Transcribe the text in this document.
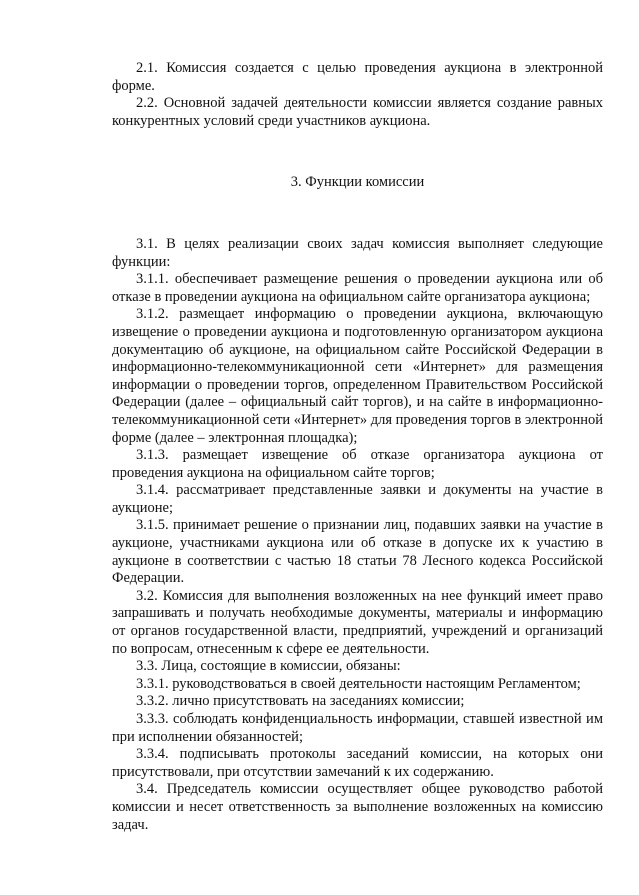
2.1. Комиссия создается с целью проведения аукциона в электронной форме.

2.2. Основной задачей деятельности комиссии является создание равных конкурентных условий среди участников аукциона.

3. Функции комиссии

3.1. В целях реализации своих задач комиссия выполняет следующие функции:

3.1.1. обеспечивает размещение решения о проведении аукциона или об отказе в проведении аукциона на официальном сайте организатора аукциона;

3.1.2. размещает информацию о проведении аукциона, включающую извещение о проведении аукциона и подготовленную организатором аукциона документацию об аукционе, на официальном сайте Российской Федерации в информационно-телекоммуникационной сети «Интернет» для размещения информации о проведении торгов, определенном Правительством Российской Федерации (далее – официальный сайт торгов), и на сайте в информационно-телекоммуникационной сети «Интернет» для проведения торгов в электронной форме (далее – электронная площадка);

3.1.3. размещает извещение об отказе организатора аукциона от проведения аукциона на официальном сайте торгов;

3.1.4. рассматривает представленные заявки и документы на участие в аукционе;

3.1.5. принимает решение о признании лиц, подавших заявки на участие в аукционе, участниками аукциона или об отказе в допуске их к участию в аукционе в соответствии с частью 18 статьи 78 Лесного кодекса Российской Федерации.

3.2. Комиссия для выполнения возложенных на нее функций имеет право запрашивать и получать необходимые документы, материалы и информацию от органов государственной власти, предприятий, учреждений и организаций по вопросам, отнесенным к сфере ее деятельности.

3.3. Лица, состоящие в комиссии, обязаны:

3.3.1. руководствоваться в своей деятельности настоящим Регламентом;

3.3.2. лично присутствовать на заседаниях комиссии;

3.3.3. соблюдать конфиденциальность информации, ставшей известной им при исполнении обязанностей;

3.3.4. подписывать протоколы заседаний комиссии, на которых они присутствовали, при отсутствии замечаний к их содержанию.

3.4. Председатель комиссии осуществляет общее руководство работой комиссии и несет ответственность за выполнение возложенных на комиссию задач.
